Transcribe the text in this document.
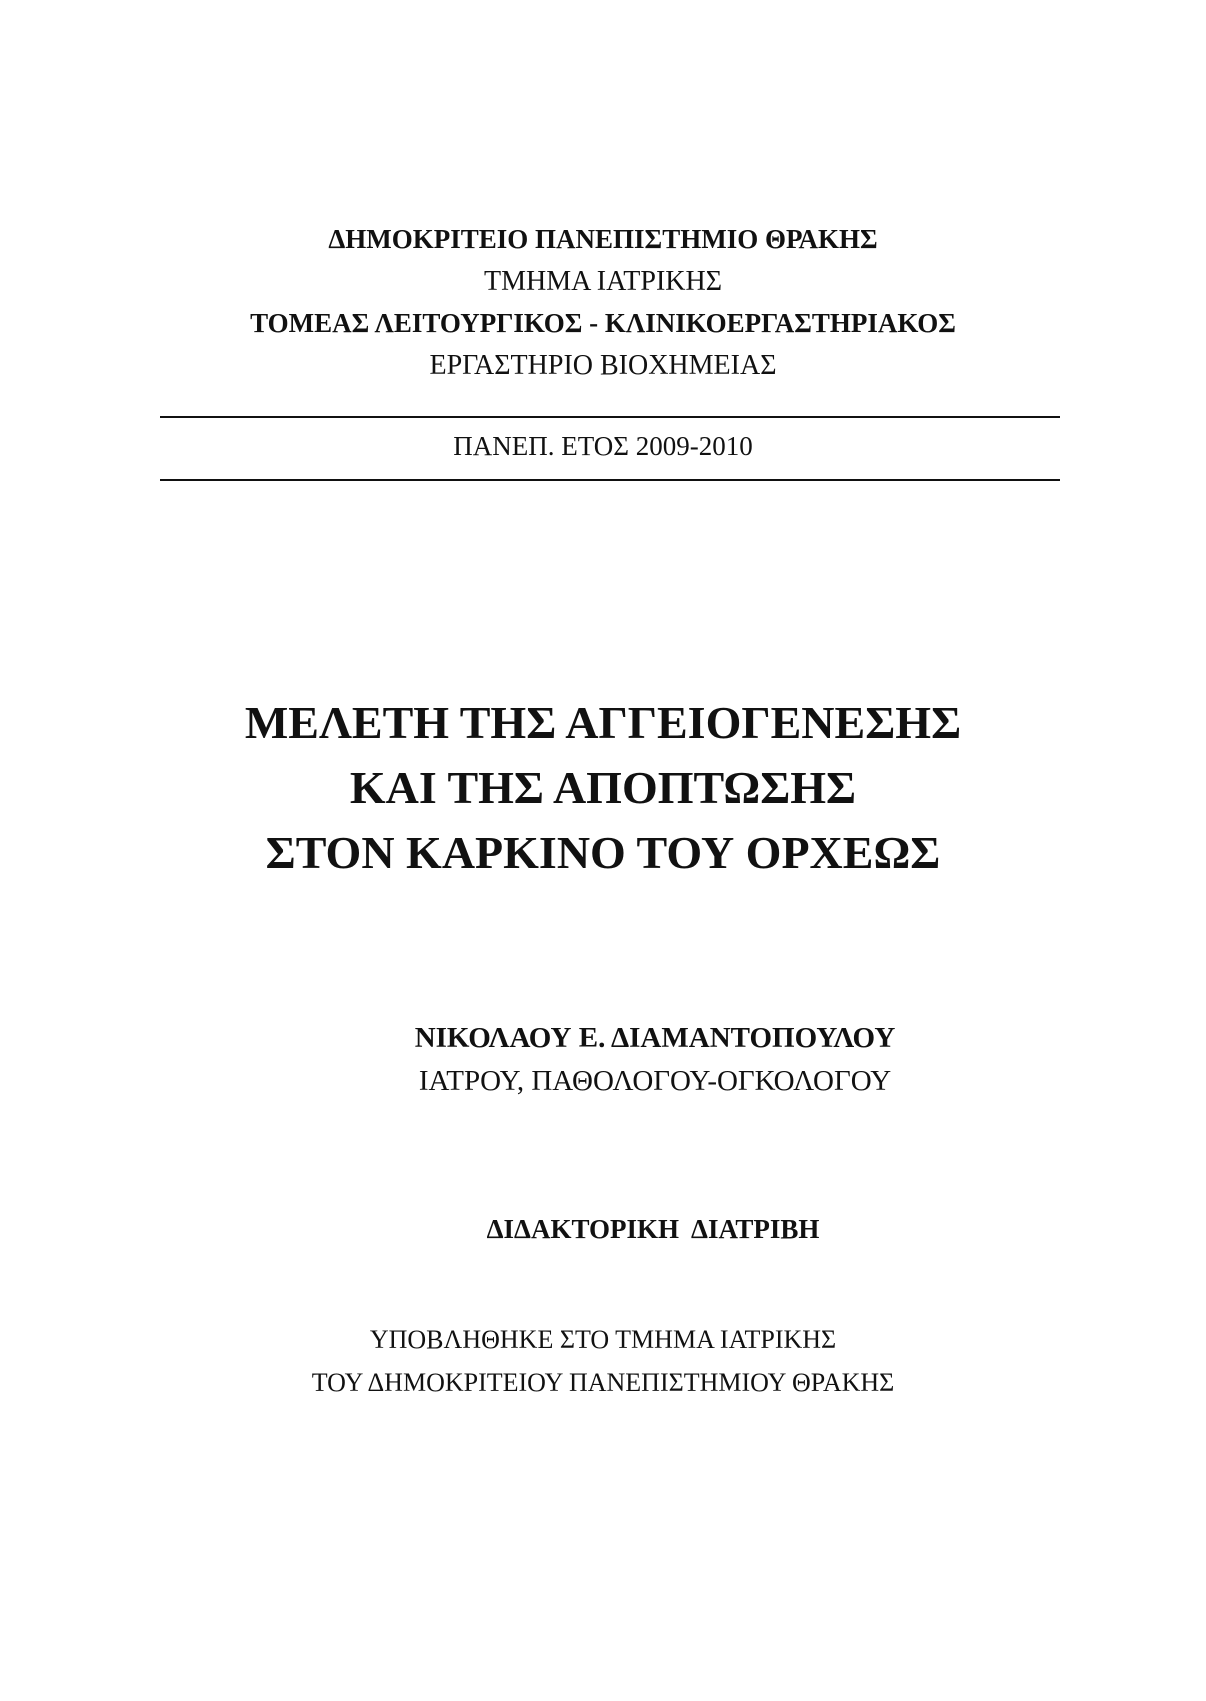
ΔΗΜΟΚΡΙΤΕΙΟ ΠΑΝΕΠΙΣΤΗΜΙΟ ΘΡΑΚΗΣ
ΤΜΗΜΑ ΙΑΤΡΙΚΗΣ
ΤΟΜΕΑΣ ΛΕΙΤΟΥΡΓΙΚΟΣ - ΚΛΙΝΙΚΟΕΡΓΑΣΤΗΡΙΑΚΟΣ
ΕΡΓΑΣΤΗΡΙΟ ΒΙΟΧΗΜΕΙΑΣ
ΠΑΝΕΠ. ΕΤΟΣ 2009-2010
ΜΕΛΕΤΗ ΤΗΣ ΑΓΓΕΙΟΓΕΝΕΣΗΣ
ΚΑΙ ΤΗΣ ΑΠΟΠΤΩΣΗΣ
ΣΤΟΝ ΚΑΡΚΙΝΟ ΤΟΥ ΟΡΧΕΩΣ
ΝΙΚΟΛΑΟΥ Ε. ΔΙΑΜΑΝΤΟΠΟΥΛΟΥ
ΙΑΤΡΟΥ, ΠΑΘΟΛΟΓΟΥ-ΟΓΚΟΛΟΓΟΥ
ΔΙΔΑΚΤΟΡΙΚΗ  ΔΙΑΤΡΙΒΗ
ΥΠΟΒΛΗΘΗΚΕ ΣΤΟ ΤΜΗΜΑ ΙΑΤΡΙΚΗΣ
ΤΟΥ ΔΗΜΟΚΡΙΤΕΙΟΥ ΠΑΝΕΠΙΣΤΗΜΙΟΥ ΘΡΑΚΗΣ
